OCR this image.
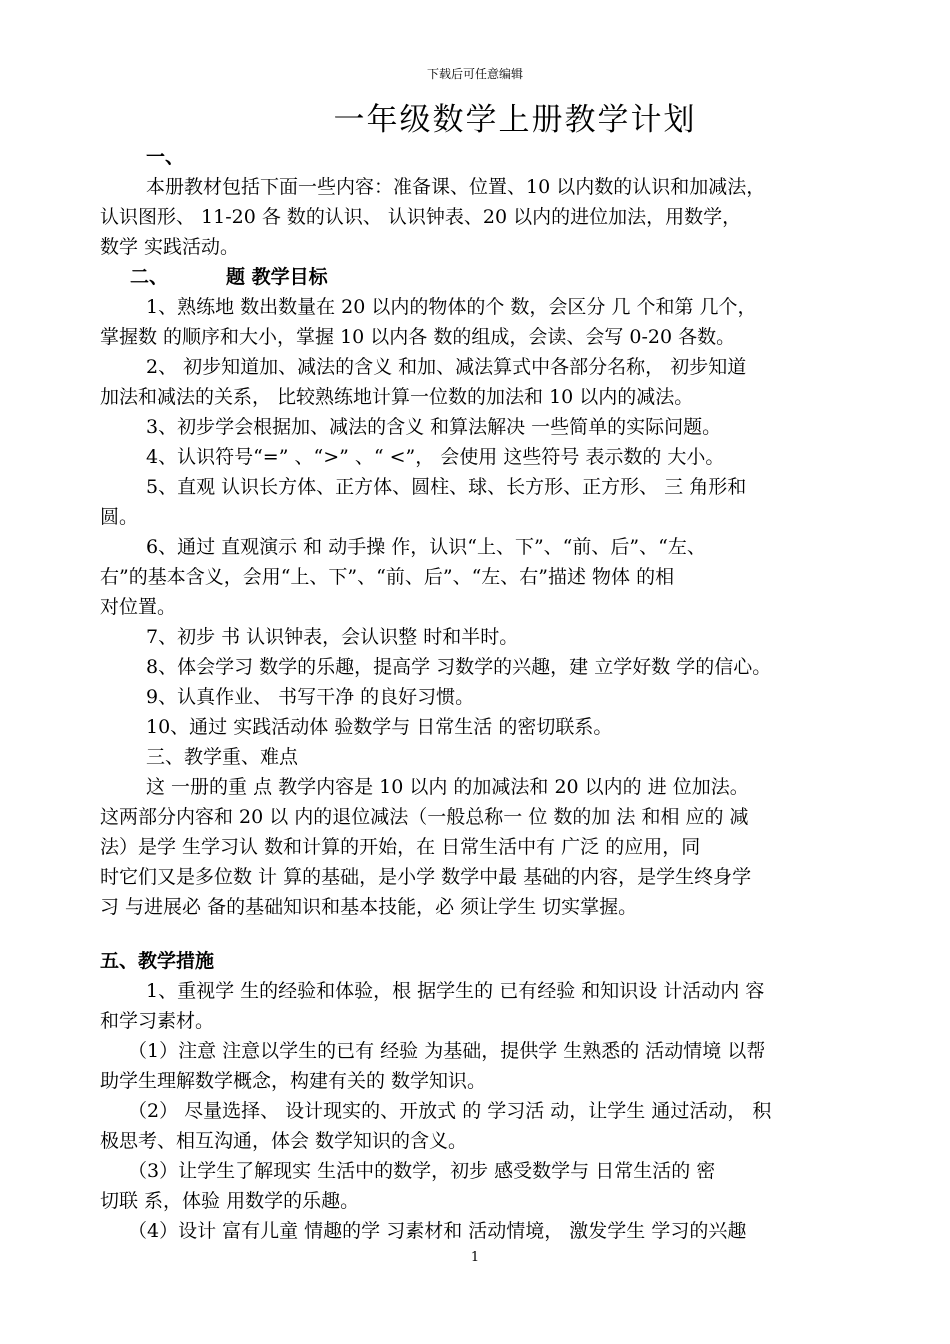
下载后可任意编辑
一年级数学上册教学计划
一、
本册教材包括下面一些内容：准备课、位置、10 以内数的认识和加减法，
认识图形、 11-20 各 数的认识、 认识钟表、20 以内的进位加法，用数学，
数学 实践活动。
二、	题 教学目标
1、熟练地 数出数量在 20 以内的物体的个 数，会区分 几 个和第 几个，
掌握数 的顺序和大小，掌握 10 以内各 数的组成，会读、会写 0-20 各数。
2、 初步知道加、减法的含义 和加、减法算式中各部分名称， 初步知道
加法和减法的关系， 比较熟练地计算一位数的加法和 10 以内的减法。
3、初步学会根据加、减法的含义 和算法解决 一些简单的实际问题。
4、认识符号“=” 、“>” 、“ <”， 会使用 这些符号 表示数的 大小。
5、直观 认识长方体、正方体、圆柱、球、长方形、正方形、 三 角形和
圆。
6、通过 直观演示 和 动手操 作，认识“上、下”、“前、后”、“左、
右”的基本含义，会用“上、下”、“前、后”、“左、右”描述 物体 的相
对位置。
7、初步 书 认识钟表，会认识整 时和半时。
8、体会学习 数学的乐趣，提高学 习数学的兴趣，建 立学好数 学的信心。
9、认真作业、 书写干净 的良好习惯。
10、通过 实践活动体 验数学与 日常生活 的密切联系。
三、教学重、难点
这 一册的重 点 教学内容是 10 以内 的加减法和 20 以内的 进 位加法。
这两部分内容和 20 以 内的退位减法（一般总称一 位 数的加 法 和相 应的 减
法）是学 生学习认 数和计算的开始，在 日常生活中有 广泛 的应用，同
时它们又是多位数 计 算的基础，是小学 数学中最 基础的内容，是学生终身学
习 与进展必 备的基础知识和基本技能，必 须让学生 切实掌握。
五、教学措施
1、重视学 生的经验和体验，根 据学生的 已有经验 和知识设 计活动内 容
和学习素材。
（1）注意 注意以学生的已有 经验 为基础，提供学 生熟悉的 活动情境 以帮
助学生理解数学概念，构建有关的 数学知识。
（2） 尽量选择、 设计现实的、开放式 的 学习活 动，让学生 通过活动， 积
极思考、相互沟通，体会 数学知识的含义。
（3）让学生了解现实 生活中的数学，初步 感受数学与 日常生活的 密
切联 系，体验 用数学的乐趣。
（4）设计 富有儿童 情趣的学 习素材和 活动情境， 激发学生 学习的兴趣
1
